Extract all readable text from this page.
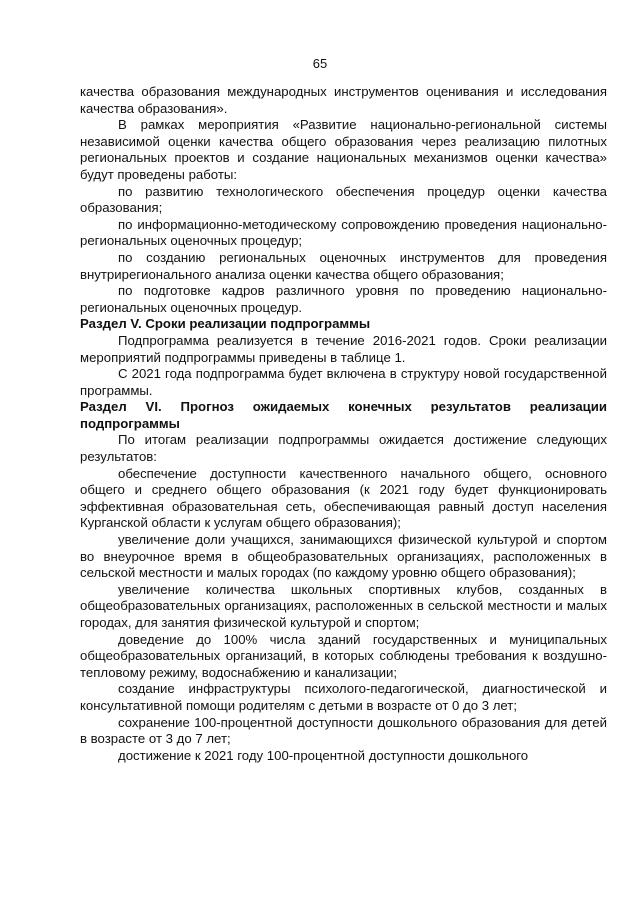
65

качества образования международных инструментов оценивания и исследования качества образования».

В рамках мероприятия «Развитие национально-региональной системы независимой оценки качества общего образования через реализацию пилотных региональных проектов и создание национальных механизмов оценки качества» будут проведены работы:

по развитию технологического обеспечения процедур оценки качества образования;

по информационно-методическому сопровождению проведения национально-региональных оценочных процедур;

по созданию региональных оценочных инструментов для проведения внутрирегионального анализа оценки качества общего образования;

по подготовке кадров различного уровня по проведению национально-региональных оценочных процедур.

Раздел V. Сроки реализации подпрограммы

Подпрограмма реализуется в течение 2016-2021 годов. Сроки реализации мероприятий подпрограммы приведены в таблице 1.

С 2021 года подпрограмма будет включена в структуру новой государственной программы.

Раздел VI. Прогноз ожидаемых конечных результатов реализации подпрограммы

По итогам реализации подпрограммы ожидается достижение следующих результатов:

обеспечение доступности качественного начального общего, основного общего и среднего общего образования (к 2021 году будет функционировать эффективная образовательная сеть, обеспечивающая равный доступ населения Курганской области к услугам общего образования);

увеличение доли учащихся, занимающихся физической культурой и спортом во внеурочное время в общеобразовательных организациях, расположенных в сельской местности и малых городах (по каждому уровню общего образования);

увеличение количества школьных спортивных клубов, созданных в общеобразовательных организациях, расположенных в сельской местности и малых городах, для занятия физической культурой и спортом;

доведение до 100% числа зданий государственных и муниципальных общеобразовательных организаций, в которых соблюдены требования к воздушно-тепловому режиму, водоснабжению и канализации;

создание инфраструктуры психолого-педагогической, диагностической и консультативной помощи родителям с детьми в возрасте от 0 до 3 лет;

сохранение 100-процентной доступности дошкольного образования для детей в возрасте от 3 до 7 лет;

достижение к 2021 году 100-процентной доступности дошкольного
